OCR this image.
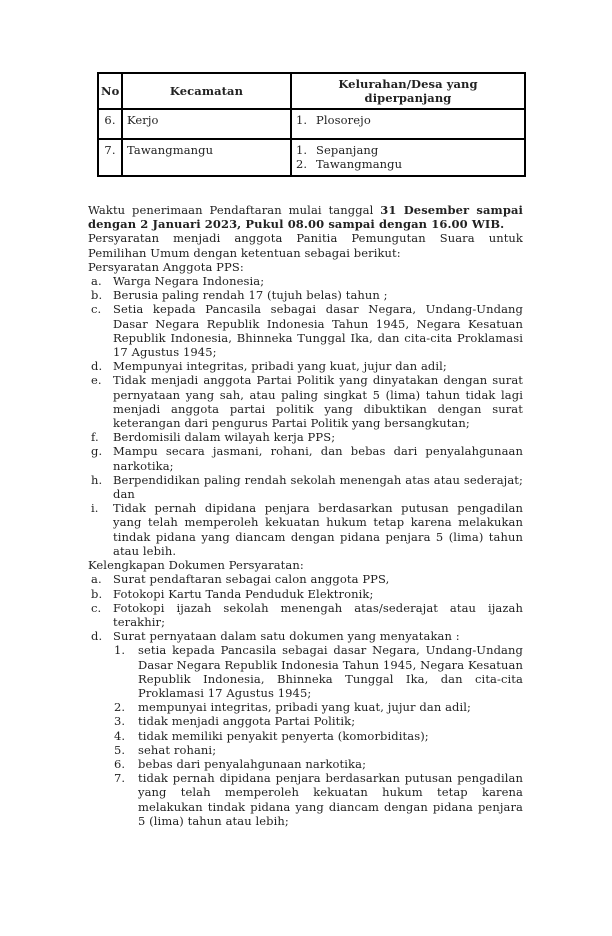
No	Kecamatan	Kelurahan/Desa yang diperpanjang
6.	Kerjo	1. Plosorejo

7.	Tawangmangu	1. Sepanjang
2. Tawangmangu

Waktu penerimaan Pendaftaran mulai tanggal 31 Desember sampai dengan 2 Januari 2023, Pukul 08.00 sampai dengan 16.00 WIB.

Persyaratan menjadi anggota Panitia Pemungutan Suara untuk Pemilihan Umum dengan ketentuan sebagai berikut:

Persyaratan Anggota PPS:

a. Warga Negara Indonesia;
b. Berusia paling rendah 17 (tujuh belas) tahun ;
c.	Setia kepada Pancasila sebagai dasar Negara, Undang-Undang Dasar Negara Republik Indonesia Tahun 1945, Negara Kesatuan Republik Indonesia, Bhinneka Tunggal Ika, dan cita-cita Proklamasi 17 Agustus 1945;
d. Mempunyai integritas, pribadi yang kuat, jujur dan adil;
e. Tidak menjadi anggota Partai Politik yang dinyatakan dengan surat pernyataan yang sah, atau paling singkat 5 (lima) tahun tidak lagi menjadi anggota partai politik yang dibuktikan dengan surat keterangan dari pengurus Partai Politik yang bersangkutan;
f.	Berdomisili dalam wilayah kerja PPS;
g. Mampu secara jasmani, rohani, dan bebas dari penyalahgunaan narkotika;
h. Berpendidikan paling rendah sekolah menengah atas atau sederajat; dan
i.	Tidak pernah dipidana penjara berdasarkan putusan pengadilan yang telah memperoleh kekuatan hukum tetap karena melakukan tindak pidana yang diancam dengan pidana penjara 5 (lima) tahun atau lebih.

Kelengkapan Dokumen Persyaratan:

a. Surat pendaftaran sebagai calon anggota PPS,
b. Fotokopi Kartu Tanda Penduduk Elektronik;
c.	Fotokopi ijazah sekolah menengah atas/sederajat atau ijazah terakhir;
d. Surat pernyataan dalam satu dokumen yang menyatakan :
1.	setia kepada Pancasila sebagai dasar Negara, Undang-Undang Dasar Negara Republik Indonesia Tahun 1945, Negara Kesatuan Republik Indonesia, Bhinneka Tunggal Ika, dan cita-cita Proklamasi 17 Agustus 1945;
2.	mempunyai integritas, pribadi yang kuat, jujur dan adil;
3.	tidak menjadi anggota Partai Politik;
4.	tidak memiliki penyakit penyerta (komorbiditas);
5.	sehat rohani;
6.	bebas dari penyalahgunaan narkotika;
7.	tidak pernah dipidana penjara berdasarkan putusan pengadilan yang telah memperoleh kekuatan hukum tetap karena melakukan tindak pidana yang diancam dengan pidana penjara 5 (lima) tahun atau lebih;
